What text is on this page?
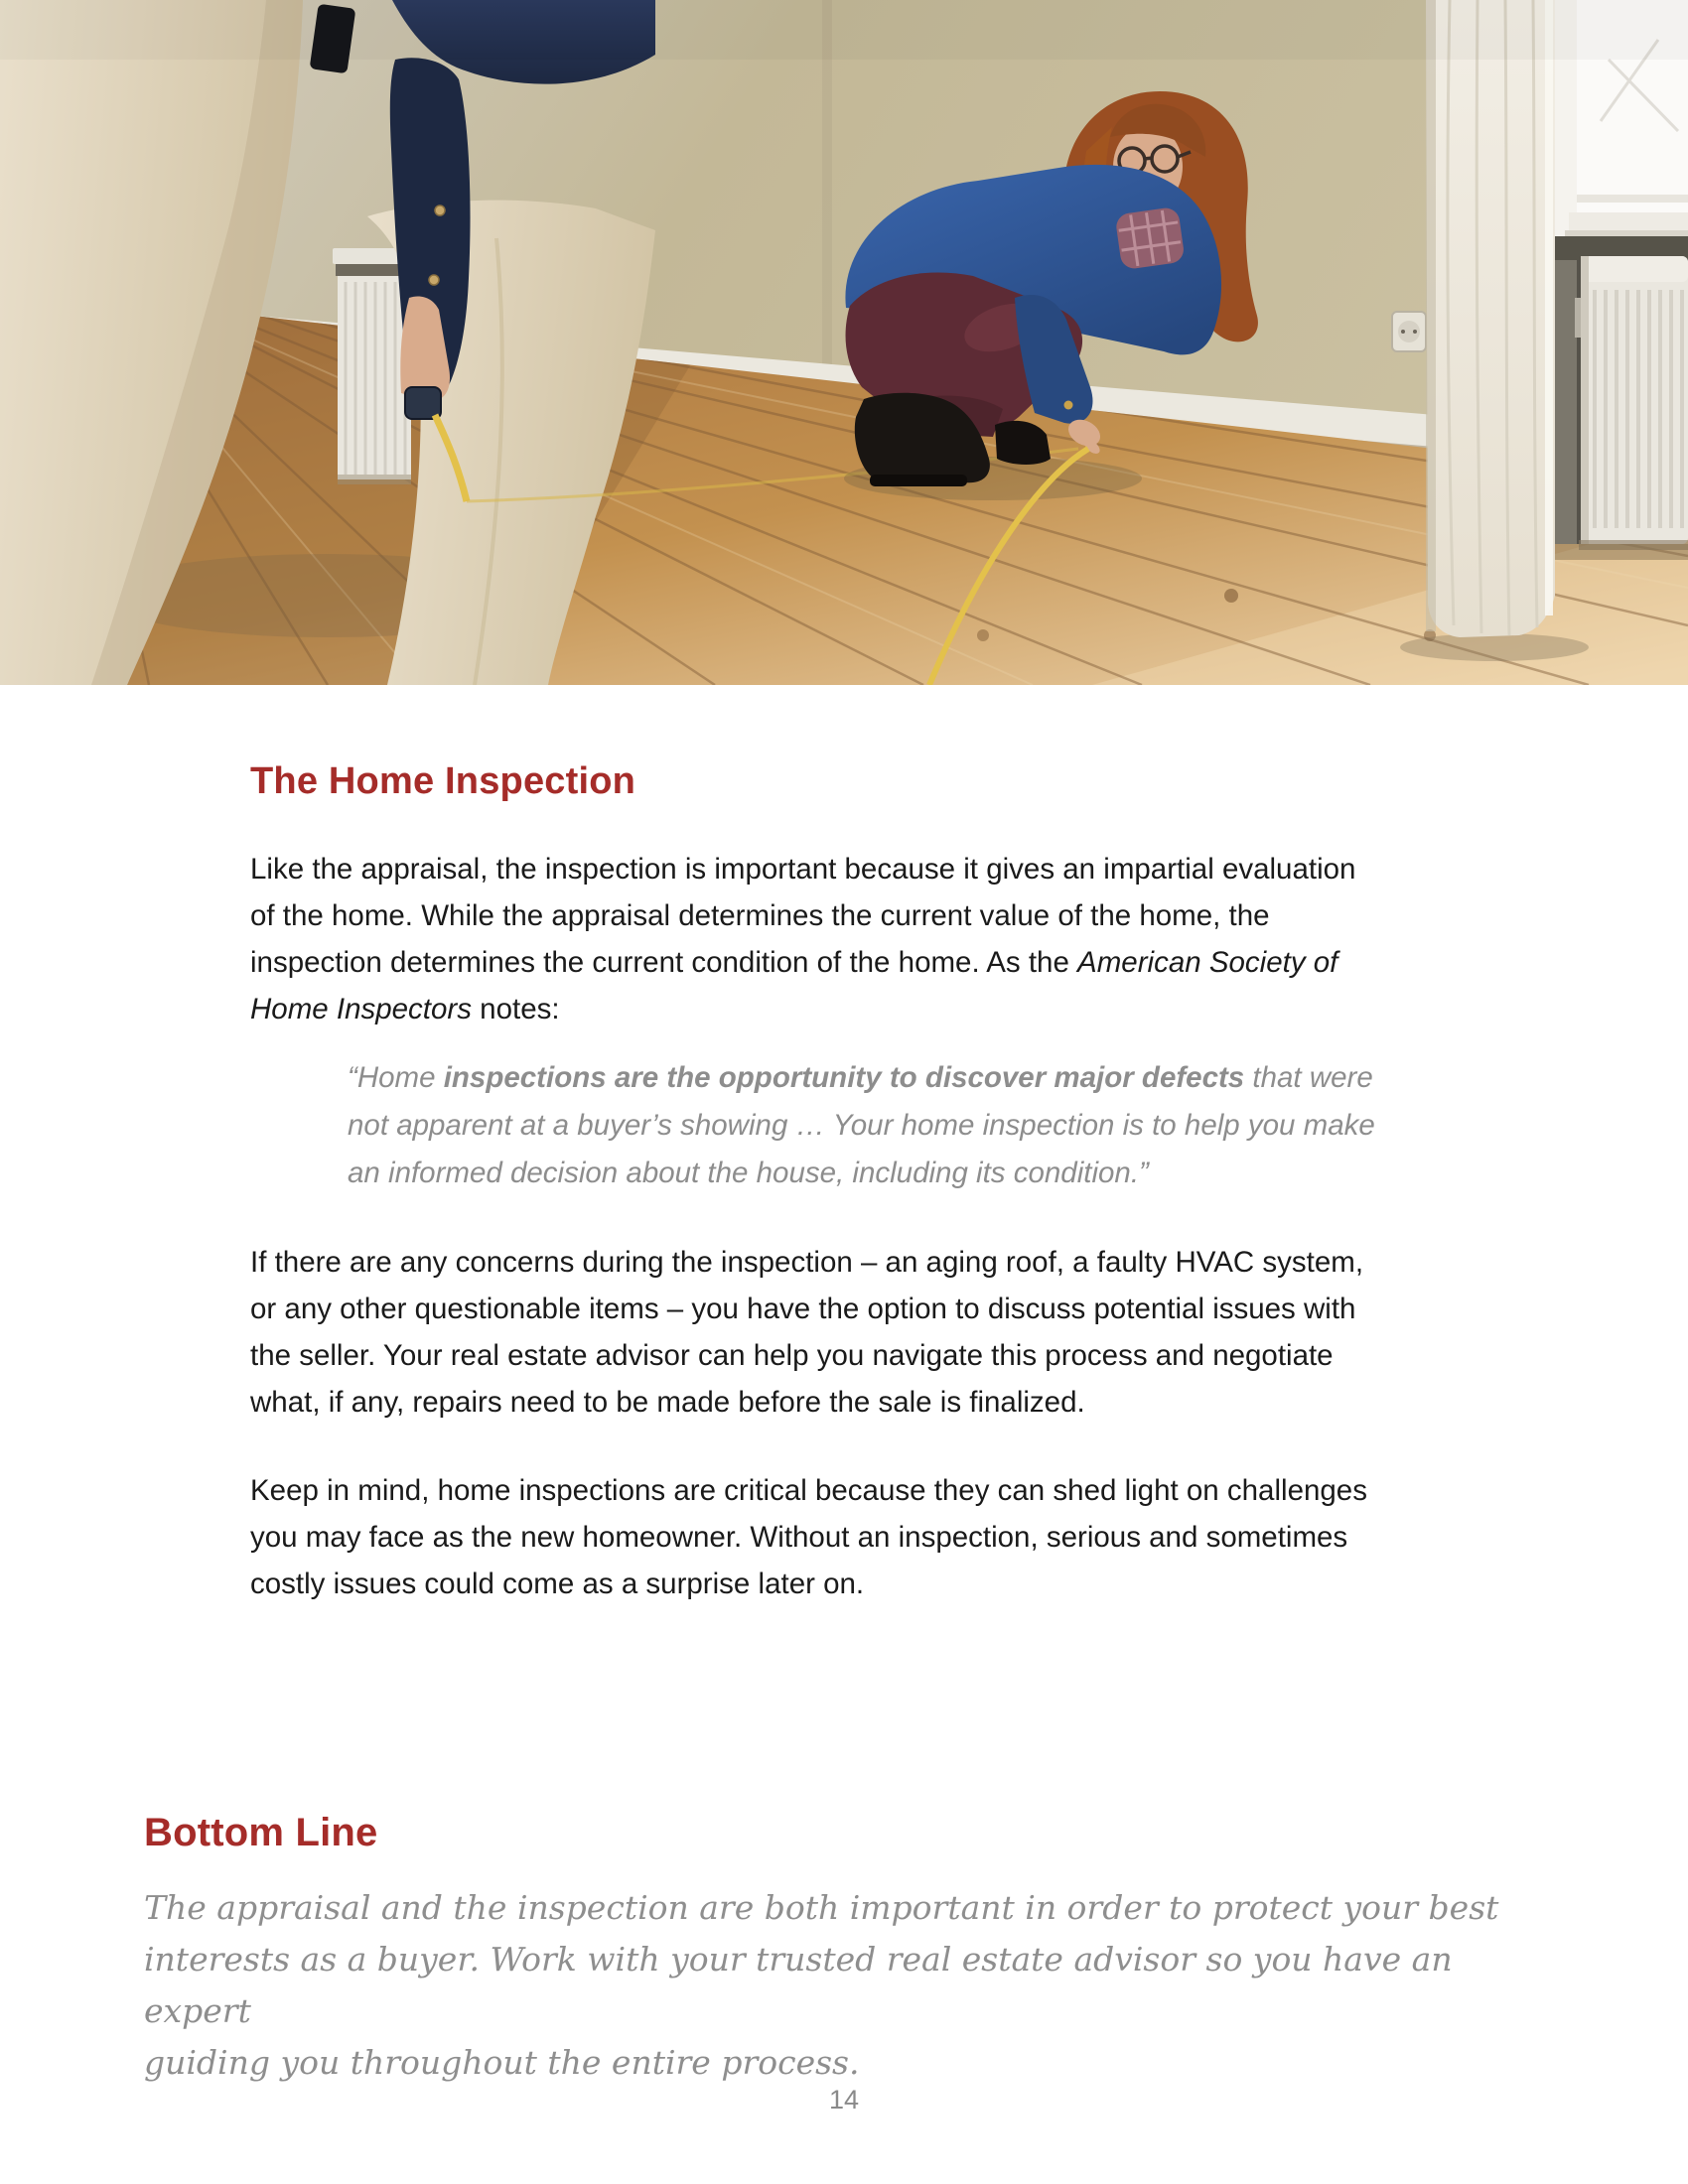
The Home Inspection
Like the appraisal, the inspection is important because it gives an impartial evaluation
of the home. While the appraisal determines the current value of the home, the
inspection determines the current condition of the home. As the American Society of
Home Inspectors notes:
“Home inspections are the opportunity to discover major defects that were
not apparent at a buyer’s showing … Your home inspection is to help you make
an informed decision about the house, including its condition.”
If there are any concerns during the inspection – an aging roof, a faulty HVAC system,
or any other questionable items – you have the option to discuss potential issues with
the seller. Your real estate advisor can help you navigate this process and negotiate
what, if any, repairs need to be made before the sale is finalized.
Keep in mind, home inspections are critical because they can shed light on challenges
you may face as the new homeowner. Without an inspection, serious and sometimes
costly issues could come as a surprise later on.
Bottom Line
The appraisal and the inspection are both important in order to protect your best
interests as a buyer. Work with your trusted real estate advisor so you have an expert
guiding you throughout the entire process.
14
